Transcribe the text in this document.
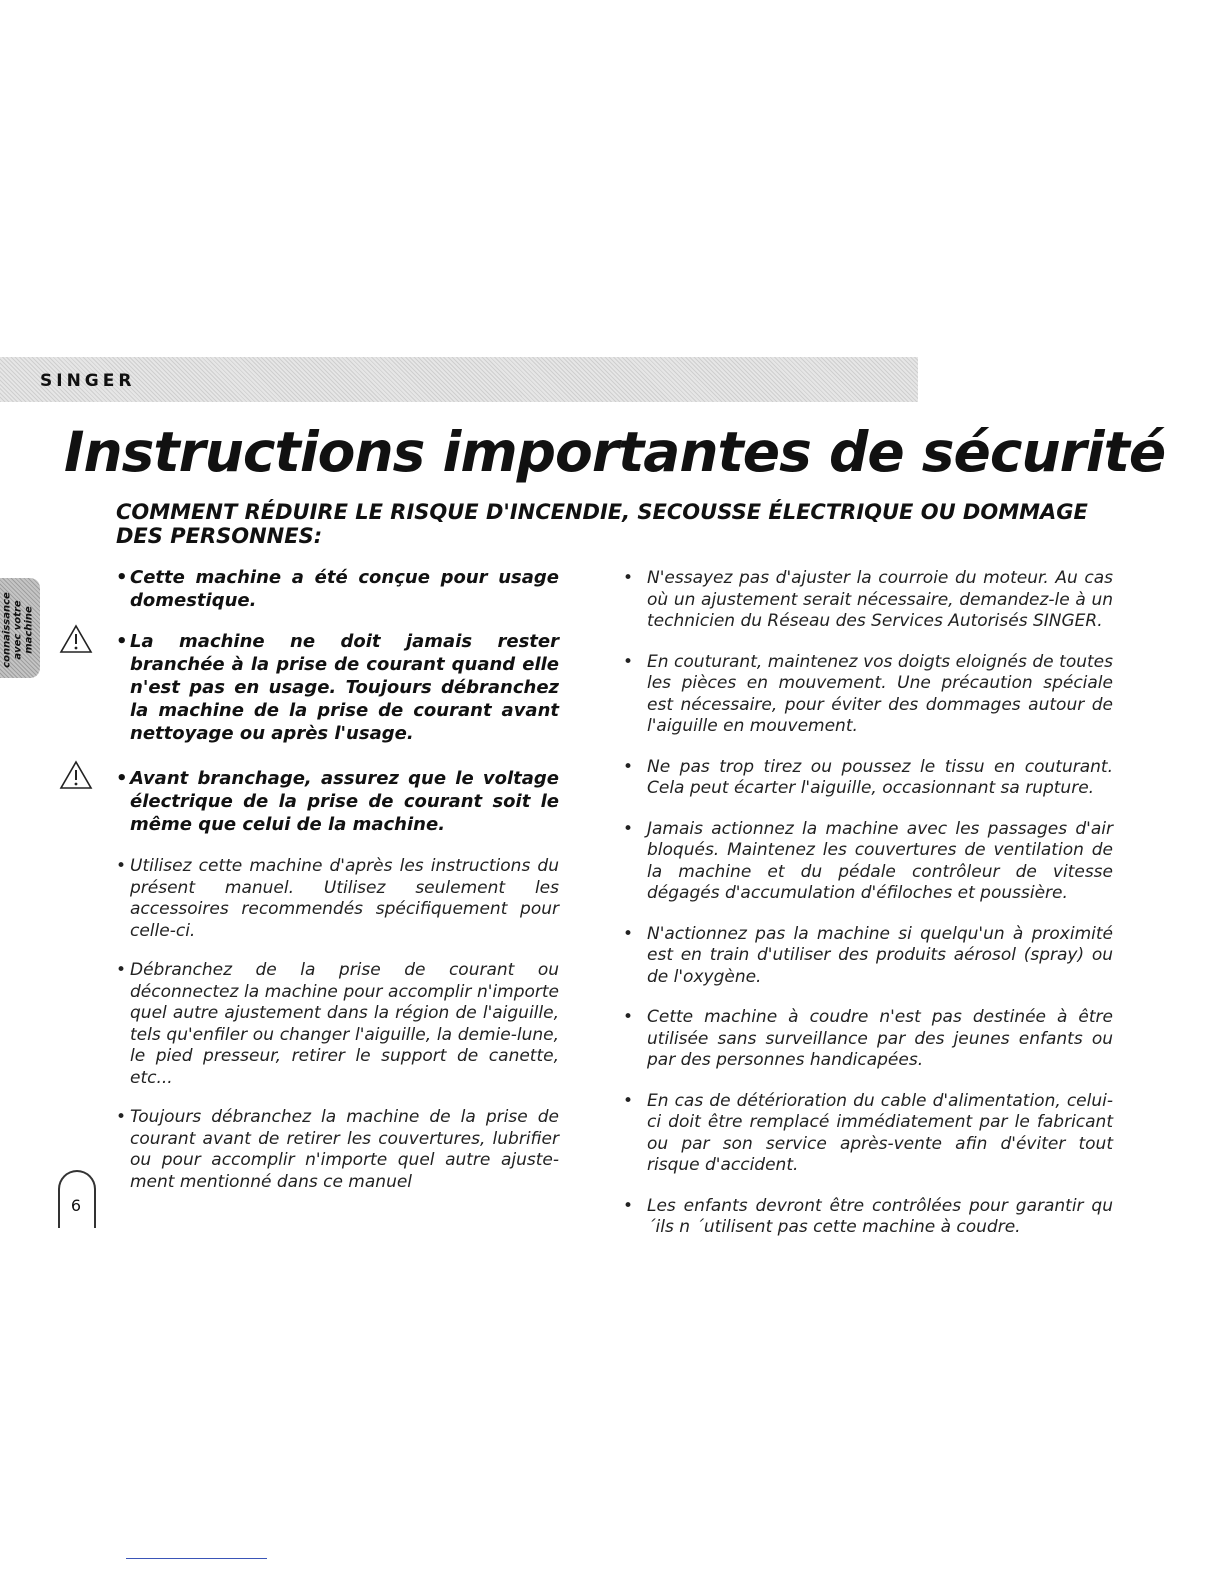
SINGER
Instructions importantes de sécurité
COMMENT RÉDUIRE LE RISQUE D'INCENDIE, SECOUSSE ÉLECTRIQUE OU DOMMAGE DES PERSONNES:
connaissance avec votre machine
• Cette machine a été conçue pour usage domestique.
• La machine ne doit jamais rester branchée à la prise de courant quand elle n'est pas en usage. Toujours débranchez la machine de la prise de courant avant nettoyage ou après l'usage.
• Avant branchage, assurez que le voltage électrique de la prise de courant soit le même que celui de la machine.
• Utilisez cette machine d'après les instructions du présent manuel. Utilisez seulement les accessoires recommendés spécifiquement pour celle-ci.
• Débranchez de la prise de courant ou déconnectez la machine pour accomplir n'importe quel autre ajustement dans la région de l'aiguille, tels qu'enfiler ou changer l'aiguille, la demie-lune, le pied presseur, retirer le support de canette, etc...
• Toujours débranchez la machine de la prise de courant avant de retirer les couvertures, lubrifier ou pour accomplir n'importe quel autre ajuste-ment mentionné dans ce manuel
• N'essayez pas d'ajuster la courroie du moteur. Au cas où un ajustement serait nécessaire, demandez-le à un technicien du Réseau des Services Autorisés SINGER.
• En couturant, maintenez vos doigts eloignés de toutes les pièces en mouvement. Une précaution spéciale est nécessaire, pour éviter des dommages autour de l'aiguille en mouvement.
• Ne pas trop tirez ou poussez le tissu en couturant. Cela peut écarter l'aiguille, occasionnant sa rupture.
• Jamais actionnez la machine avec les passages d'air bloqués. Maintenez les couvertures de ventilation de la machine et du pédale contrôleur de vitesse dégagés d'accumulation d'éfiloches et poussière.
• N'actionnez pas la machine si quelqu'un à proximité est en train d'utiliser des produits aérosol (spray) ou de l'oxygène.
• Cette machine à coudre n'est pas destinée à être utilisée sans surveillance par des jeunes enfants ou par des personnes handicapées.
• En cas de détérioration du cable d'alimentation, celui-ci doit être remplacé immédiatement par le fabricant ou par son service après-vente afin d'éviter tout risque d'accident.
• Les enfants devront être contrôlées pour garantir qu ´ils n ´utilisent pas cette machine à coudre.
6
